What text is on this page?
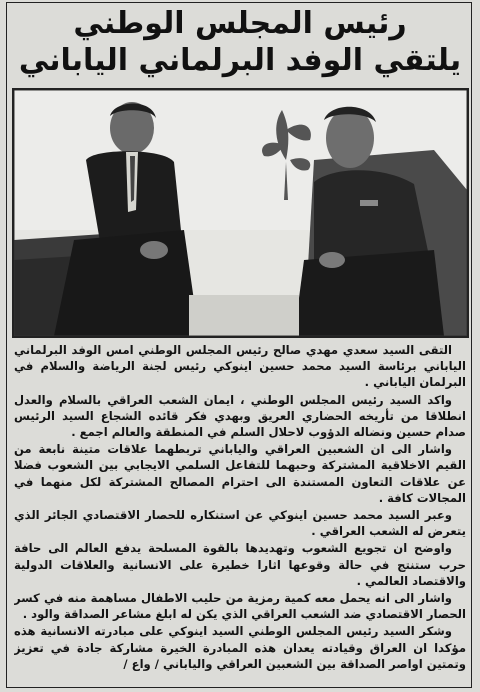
رئيس المجلس الوطني
يلتقي الوفد البرلماني الياباني

التقى السيد سعدي مهدي صالح رئيس المجلس الوطني امس الوفد البرلماني الياباني برئاسة السيد محمد حسين اينوكي رئيس لجنة الرياضة والسلام في البرلمان الياباني .

واكد السيد رئيس المجلس الوطني ، ايمان الشعب العراقي بالسلام والعدل انطلاقا من تأريخه الحضاري العريق وبهدي فكر قائده الشجاع السيد الرئيس صدام حسين ونضاله الدؤوب لاحلال السلم في المنطقة والعالم اجمع .

واشار الى ان الشعبين العراقي والياباني تربطهما علاقات متينة نابعة من القيم الاخلاقية المشتركة وحبهما للتفاعل السلمي الايجابي بين الشعوب فضلا عن علاقات التعاون المستندة الى احترام المصالح المشتركة لكل منهما في المجالات كافة .

وعبر السيد محمد حسين اينوكي عن استنكاره للحصار الاقتصادي الجائر الذي يتعرض له الشعب العراقي .

واوضح ان تجويع الشعوب وتهديدها بالقوة المسلحة يدفع العالم الى حافة حرب ستنتج في حالة وقوعها اثارا خطيرة على الانسانية والعلاقات الدولية والاقتصاد العالمي .

واشار الى انه يحمل معه كمية رمزية من حليب الاطفال مساهمة منه في كسر الحصار الاقتصادي ضد الشعب العراقي الذي يكن له ابلغ مشاعر الصداقة والود .

وشكر السيد رئيس المجلس الوطني السيد اينوكي على مبادرته الانسانية هذه مؤكدا ان العراق وقيادته يعدان هذه المبادرة الخيرة مشاركة جادة في تعزيز وتمتين اواصر الصداقة بين الشعبين العراقي والياباني / واع /
